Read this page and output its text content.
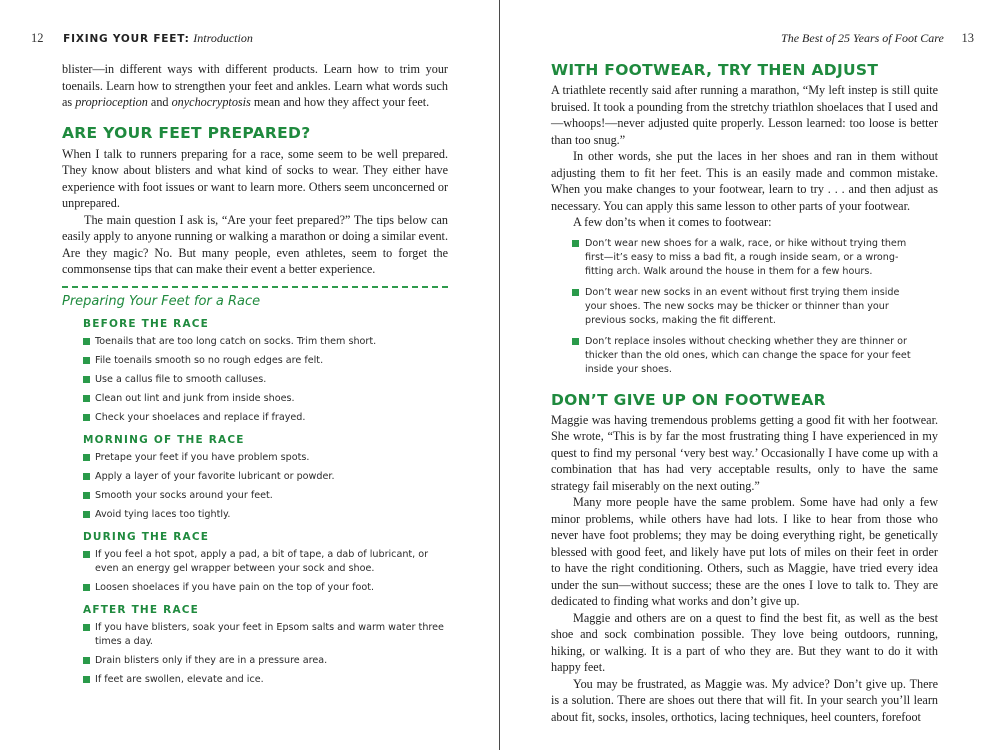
12 FIXING YOUR FEET: Introduction

blister—in different ways with different products. Learn how to trim your toenails. Learn how to strengthen your feet and ankles. Learn what words such as proprioception and onychocryptosis mean and how they affect your feet.

ARE YOUR FEET PREPARED?

When I talk to runners preparing for a race, some seem to be well prepared. They know about blisters and what kind of socks to wear. They either have experience with foot issues or want to learn more. Others seem unconcerned or unprepared.

The main question I ask is, “Are your feet prepared?” The tips below can easily apply to anyone running or walking a marathon or doing a similar event. Are they magic? No. But many people, even athletes, seem to forget the commonsense tips that can make their event a better experience.

Preparing Your Feet for a Race
BEFORE THE RACE
Toenails that are too long catch on socks. Trim them short.
File toenails smooth so no rough edges are felt.
Use a callus file to smooth calluses.
Clean out lint and junk from inside shoes.
Check your shoelaces and replace if frayed.
MORNING OF THE RACE
Pretape your feet if you have problem spots.
Apply a layer of your favorite lubricant or powder.
Smooth your socks around your feet.
Avoid tying laces too tightly.
DURING THE RACE
If you feel a hot spot, apply a pad, a bit of tape, a dab of lubricant, or even an energy gel wrapper between your sock and shoe.
Loosen shoelaces if you have pain on the top of your foot.
AFTER THE RACE
If you have blisters, soak your feet in Epsom salts and warm water three times a day.
Drain blisters only if they are in a pressure area.
If feet are swollen, elevate and ice.
The Best of 25 Years of Foot Care 13
WITH FOOTWEAR, TRY THEN ADJUST

A triathlete recently said after running a marathon, “My left instep is still quite bruised. It took a pounding from the stretchy triathlon shoelaces that I used and—whoops!—never adjusted quite properly. Lesson learned: too loose is better than too snug.”

In other words, she put the laces in her shoes and ran in them without adjusting them to fit her feet. This is an easily made and common mistake. When you make changes to your footwear, learn to try . . . and then adjust as necessary. You can apply this same lesson to other parts of your footwear.

A few don’ts when it comes to footwear:

Don’t wear new shoes for a walk, race, or hike without trying them first—it’s easy to miss a bad fit, a rough inside seam, or a wrong-fitting arch. Walk around the house in them for a few hours.
Don’t wear new socks in an event without first trying them inside your shoes. The new socks may be thicker or thinner than your previous socks, making the fit different.
Don’t replace insoles without checking whether they are thinner or thicker than the old ones, which can change the space for your feet inside your shoes.
DON’T GIVE UP ON FOOTWEAR

Maggie was having tremendous problems getting a good fit with her footwear. She wrote, “This is by far the most frustrating thing I have experienced in my quest to find my personal ‘very best way.’ Occasionally I have come up with a combination that has had very acceptable results, only to have the same strategy fail miserably on the next outing.”

Many more people have the same problem. Some have had only a few minor problems, while others have had lots. I like to hear from those who never have foot problems; they may be doing everything right, be genetically blessed with good feet, and likely have put lots of miles on their feet in order to have the right conditioning. Others, such as Maggie, have tried every idea under the sun—without success; these are the ones I love to talk to. They are dedicated to finding what works and don’t give up.

Maggie and others are on a quest to find the best fit, as well as the best shoe and sock combination possible. They love being outdoors, running, hiking, or walking. It is a part of who they are. But they want to do it with happy feet.

You may be frustrated, as Maggie was. My advice? Don’t give up. There is a solution. There are shoes out there that will fit. In your search you’ll learn about fit, socks, insoles, orthotics, lacing techniques, heel counters, forefoot
